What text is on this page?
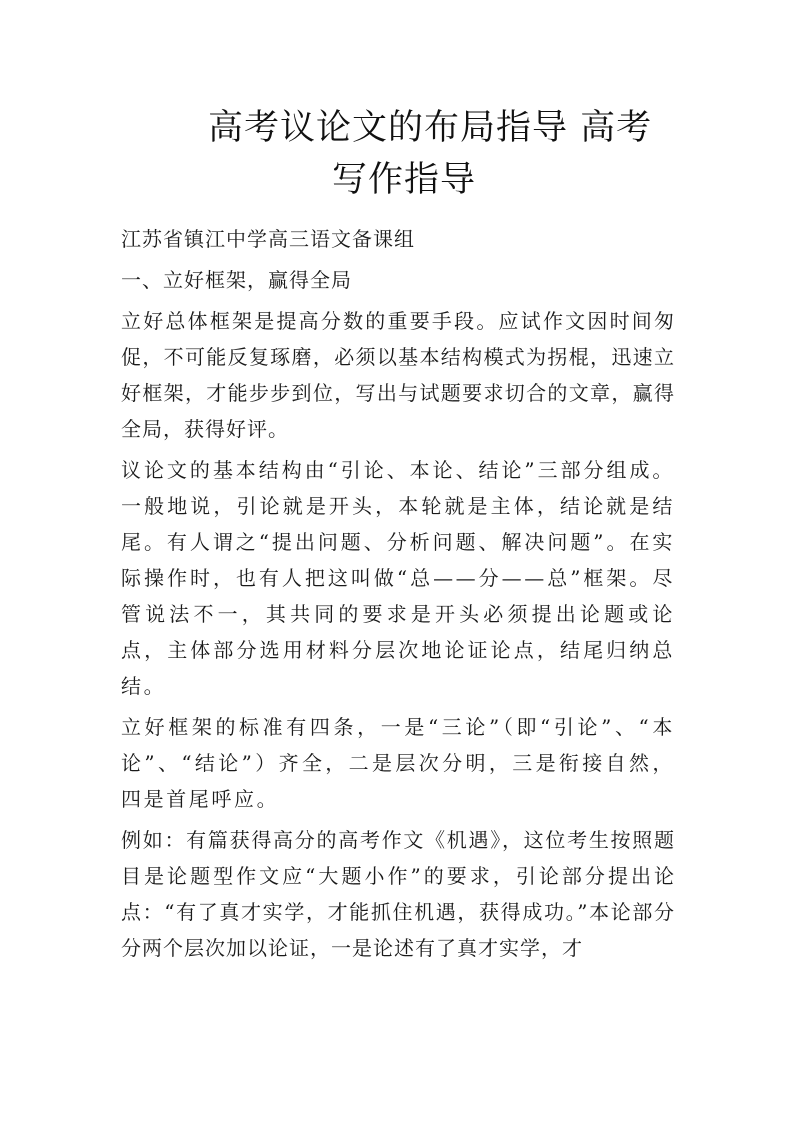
高考议论文的布局指导 高考
写作指导

江苏省镇江中学高三语文备课组

一、立好框架，赢得全局

立好总体框架是提高分数的重要手段。应试作文因时间匆促，不可能反复琢磨，必须以基本结构模式为拐棍，迅速立好框架，才能步步到位，写出与试题要求切合的文章，赢得全局，获得好评。

议论文的基本结构由“引论、本论、结论”三部分组成。一般地说，引论就是开头，本轮就是主体，结论就是结尾。有人谓之“提出问题、分析问题、解决问题”。在实际操作时，也有人把这叫做“总——分——总”框架。尽管说法不一，其共同的要求是开头必须提出论题或论点，主体部分选用材料分层次地论证论点，结尾归纳总结。

立好框架的标准有四条，一是“三论”（即“引论”、“本论”、“结论”）齐全，二是层次分明，三是衔接自然，四是首尾呼应。

例如：有篇获得高分的高考作文《机遇》，这位考生按照题目是论题型作文应“大题小作”的要求，引论部分提出论点：“有了真才实学，才能抓住机遇，获得成功。”本论部分分两个层次加以论证，一是论述有了真才实学，才
